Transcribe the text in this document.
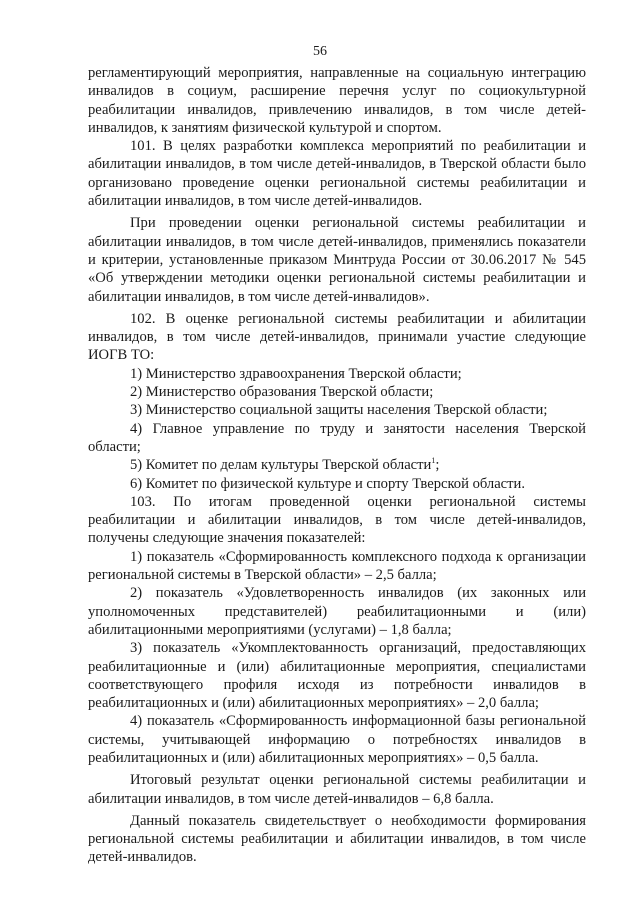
56

регламентирующий мероприятия, направленные на социальную интеграцию инвалидов в социум, расширение перечня услуг по социокультурной реабилитации инвалидов, привлечению инвалидов, в том числе детей-инвалидов, к занятиям физической культурой и спортом.

101. В целях разработки комплекса мероприятий по реабилитации и абилитации инвалидов, в том числе детей-инвалидов, в Тверской области было организовано проведение оценки региональной системы реабилитации и абилитации инвалидов, в том числе детей-инвалидов.

При проведении оценки региональной системы реабилитации и абилитации инвалидов, в том числе детей-инвалидов, применялись показатели и критерии, установленные приказом Минтруда России от 30.06.2017 № 545 «Об утверждении методики оценки региональной системы реабилитации и абилитации инвалидов, в том числе детей-инвалидов».

102. В оценке региональной системы реабилитации и абилитации инвалидов, в том числе детей-инвалидов, принимали участие следующие ИОГВ ТО:

1) Министерство здравоохранения Тверской области;

2) Министерство образования Тверской области;

3) Министерство социальной защиты населения Тверской области;

4) Главное управление по труду и занятости населения Тверской области;

5) Комитет по делам культуры Тверской области$^1$;

6) Комитет по физической культуре и спорту Тверской области.

103. По итогам проведенной оценки региональной системы реабилитации и абилитации инвалидов, в том числе детей-инвалидов, получены следующие значения показателей:

1) показатель «Сформированность комплексного подхода к организации региональной системы в Тверской области» – 2,5 балла;

2) показатель «Удовлетворенность инвалидов (их законных или уполномоченных представителей) реабилитационными и (или) абилитационными мероприятиями (услугами) – 1,8 балла;

3) показатель «Укомплектованность организаций, предоставляющих реабилитационные и (или) абилитационные мероприятия, специалистами соответствующего профиля исходя из потребности инвалидов в реабилитационных и (или) абилитационных мероприятиях» – 2,0 балла;

4) показатель «Сформированность информационной базы региональной системы, учитывающей информацию о потребностях инвалидов в реабилитационных и (или) абилитационных мероприятиях» – 0,5 балла.

Итоговый результат оценки региональной системы реабилитации и абилитации инвалидов, в том числе детей-инвалидов – 6,8 балла.

Данный показатель свидетельствует о необходимости формирования региональной системы реабилитации и абилитации инвалидов, в том числе детей-инвалидов.
